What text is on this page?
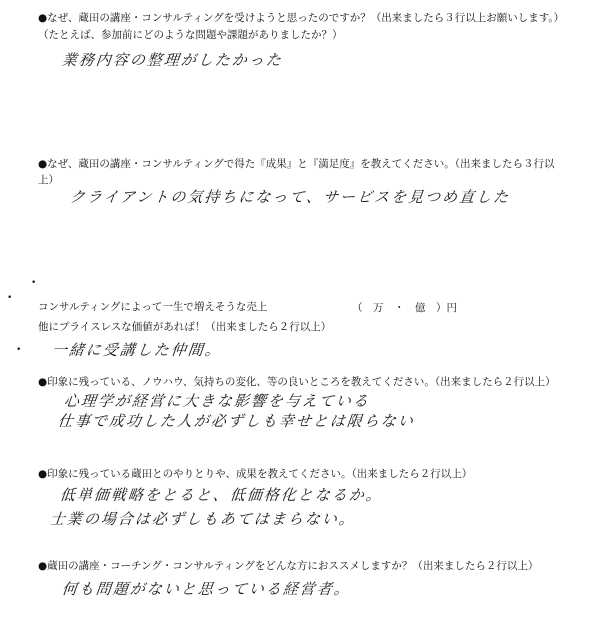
●なぜ、蔵田の講座・コンサルティングを受けようと思ったのですか？（出来ましたら３行以上お願いします。）
（たとえば、参加前にどのような問題や課題がありましたか？）
業務内容の整理がしたかった
●なぜ、蔵田の講座・コンサルティングで得た『成果』と『満足度』を教えてください。（出来ましたら３行以
上）
クライアントの気持ちになって、サービスを見つめ直した
•
•
•
コンサルティングによって一生で増えそうな売上	（　万　・　億　）円
他にプライスレスな価値があれば！（出来ましたら２行以上）
一緒に受講した仲間。
●印象に残っている、ノウハウ、気持ちの変化、等の良いところを教えてください。（出来ましたら２行以上）
心理学が経営に大きな影響を与えている
仕事で成功した人が必ずしも幸せとは限らない
●印象に残っている蔵田とのやりとりや、成果を教えてください。（出来ましたら２行以上）
低単価戦略をとると、低価格化となるか。
士業の場合は必ずしもあてはまらない。
●蔵田の講座・コーチング・コンサルティングをどんな方におススメしますか？（出来ましたら２行以上）
何も問題がないと思っている経営者。
